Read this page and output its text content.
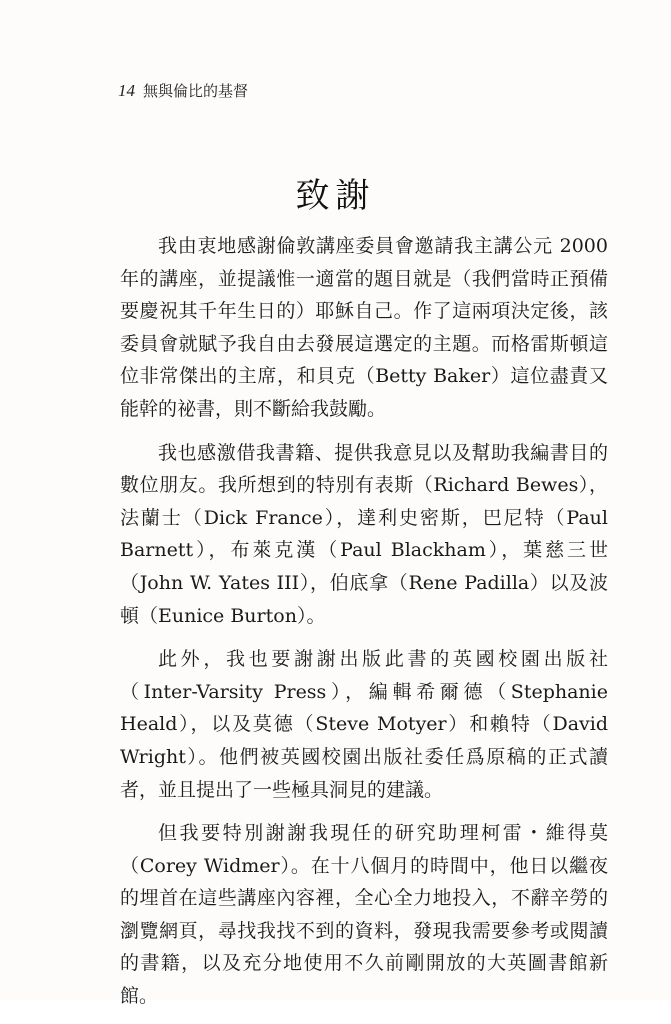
14 無與倫比的基督
致謝

我由衷地感謝倫敦講座委員會邀請我主講公元 2000 年的講座，並提議惟一適當的題目就是（我們當時正預備要慶祝其千年生日的）耶穌自己。作了這兩項決定後，該委員會就賦予我自由去發展這選定的主題。而格雷斯頓這位非常傑出的主席，和貝克（Betty Baker）這位盡責又能幹的祕書，則不斷給我鼓勵。

我也感激借我書籍、提供我意見以及幫助我編書目的數位朋友。我所想到的特別有表斯（Richard Bewes），法蘭士（Dick France），達利史密斯，巴尼特（Paul Barnett），布萊克漢（Paul Blackham），葉慈三世（John W. Yates III），伯底拿（Rene Padilla）以及波頓（Eunice Burton）。

此外，我也要謝謝出版此書的英國校園出版社（Inter-Varsity Press），編輯希爾德（Stephanie Heald），以及莫德（Steve Motyer）和賴特（David Wright）。他們被英國校園出版社委任爲原稿的正式讀者，並且提出了一些極具洞見的建議。

但我要特別謝謝我現任的研究助理柯雷・維得莫（Corey Widmer）。在十八個月的時間中，他日以繼夜的埋首在這些講座內容裡，全心全力地投入，不辭辛勞的瀏覽網頁，尋找我找不到的資料，發現我需要參考或閱讀的書籍，以及充分地使用不久前剛開放的大英圖書館新館。
